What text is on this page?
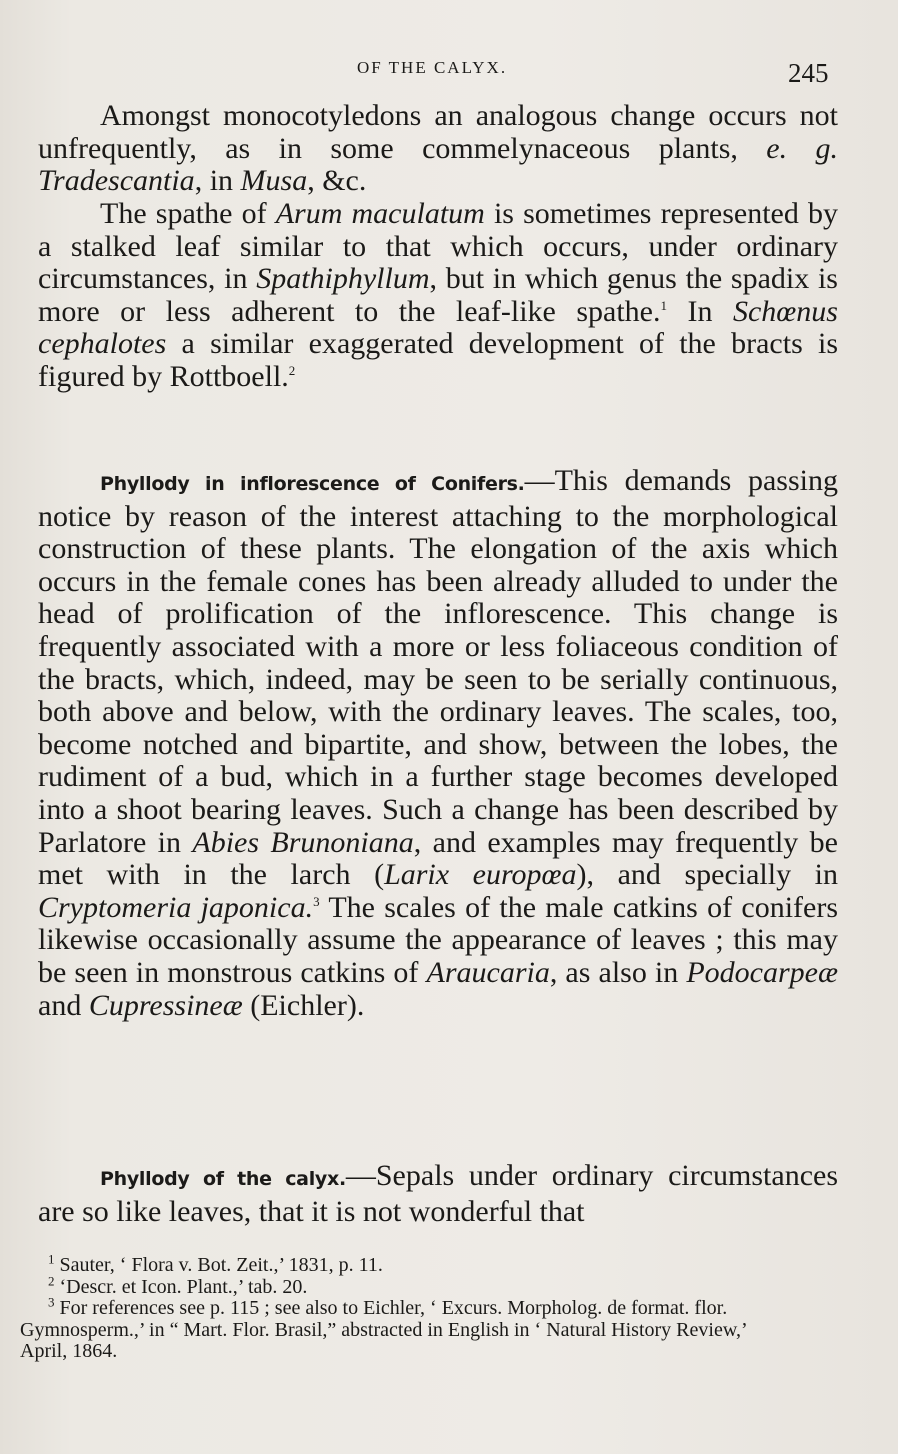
OF THE CALYX.	245

Amongst monocotyledons an analogous change occurs not unfrequently, as in some commelynaceous plants, e. g. Tradescantia, in Musa, &c.

The spathe of Arum maculatum is sometimes represented by a stalked leaf similar to that which occurs, under ordinary circumstances, in Spathiphyllum, but in which genus the spadix is more or less adherent to the leaf-like spathe.$^1$ In Schœnus cephalotes a similar exaggerated development of the bracts is figured by Rottboell.$^2$

Phyllody in inflorescence of Conifers.—This demands passing notice by reason of the interest attaching to the morphological construction of these plants. The elongation of the axis which occurs in the female cones has been already alluded to under the head of prolification of the inflorescence. This change is frequently associated with a more or less foliaceous condition of the bracts, which, indeed, may be seen to be serially continuous, both above and below, with the ordinary leaves. The scales, too, become notched and bipartite, and show, between the lobes, the rudiment of a bud, which in a further stage becomes developed into a shoot bearing leaves. Such a change has been described by Parlatore in Abies Brunoniana, and examples may frequently be met with in the larch (Larix europœa), and specially in Cryptomeria japonica.$^3$ The scales of the male catkins of conifers likewise occasionally assume the appearance of leaves ; this may be seen in monstrous catkins of Araucaria, as also in Podocarpeæ and Cupressineæ (Eichler).

Phyllody of the calyx.—Sepals under ordinary circumstances are so like leaves, that it is not wonderful that

$^1$ Sauter, ‘ Flora v. Bot. Zeit.,’ 1831, p. 11.
$^2$ ‘Descr. et Icon. Plant.,’ tab. 20.
$^3$ For references see p. 115 ; see also to Eichler, ‘ Excurs. Morpholog. de format. flor. Gymnosperm.,’ in “ Mart. Flor. Brasil,” abstracted in English in ‘ Natural History Review,’ April, 1864.
